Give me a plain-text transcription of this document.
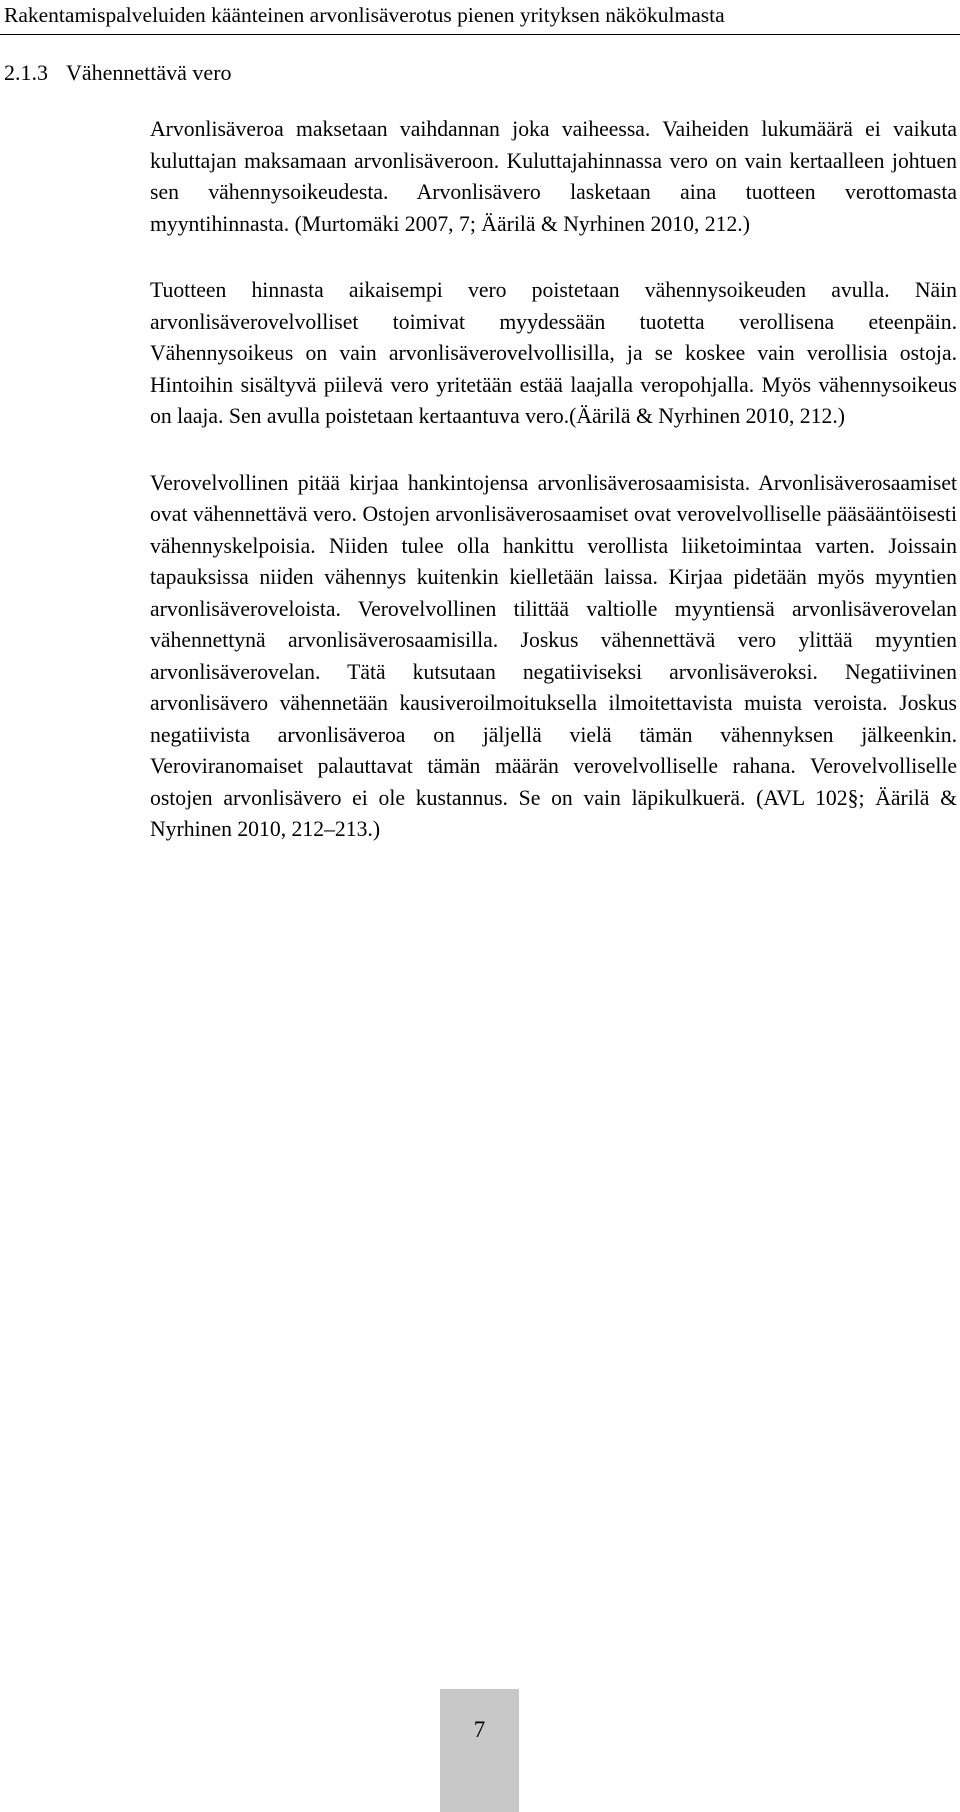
Rakentamispalveluiden käänteinen arvonlisäverotus pienen yrityksen näkökulmasta
2.1.3 Vähennettävä vero

Arvonlisäveroa maksetaan vaihdannan joka vaiheessa. Vaiheiden lukumäärä ei vaikuta kuluttajan maksamaan arvonlisäveroon. Kuluttajahinnassa vero on vain kertaalleen johtuen sen vähennysoikeudesta. Arvonlisävero lasketaan aina tuotteen verottomasta myyntihinnasta. (Murtomäki 2007, 7; Äärilä & Nyrhinen 2010, 212.)

Tuotteen hinnasta aikaisempi vero poistetaan vähennysoikeuden avulla. Näin arvonlisäverovelvolliset toimivat myydessään tuotetta verollisena eteenpäin. Vähennysoikeus on vain arvonlisäverovelvollisilla, ja se koskee vain verollisia ostoja. Hintoihin sisältyvä piilevä vero yritetään estää laajalla veropohjalla. Myös vähennysoikeus on laaja. Sen avulla poistetaan kertaantuva vero.(Äärilä & Nyrhinen 2010, 212.)

Verovelvollinen pitää kirjaa hankintojensa arvonlisäverosaamisista. Arvonlisäverosaamiset ovat vähennettävä vero. Ostojen arvonlisäverosaamiset ovat verovelvolliselle pääsääntöisesti vähennyskelpoisia. Niiden tulee olla hankittu verollista liiketoimintaa varten. Joissain tapauksissa niiden vähennys kuitenkin kielletään laissa. Kirjaa pidetään myös myyntien arvonlisäveroveloista. Verovelvollinen tilittää valtiolle myyntiensä arvonlisäverovelan vähennettynä arvonlisäverosaamisilla. Joskus vähennettävä vero ylittää myyntien arvonlisäverovelan. Tätä kutsutaan negatiiviseksi arvonlisäveroksi. Negatiivinen arvonlisävero vähennetään kausiveroilmoituksella ilmoitettavista muista veroista. Joskus negatiivista arvonlisäveroa on jäljellä vielä tämän vähennyksen jälkeenkin. Veroviranomaiset palauttavat tämän määrän verovelvolliselle rahana. Verovelvolliselle ostojen arvonlisävero ei ole kustannus. Se on vain läpikulkuerä. (AVL 102§; Äärilä & Nyrhinen 2010, 212–213.)

7
